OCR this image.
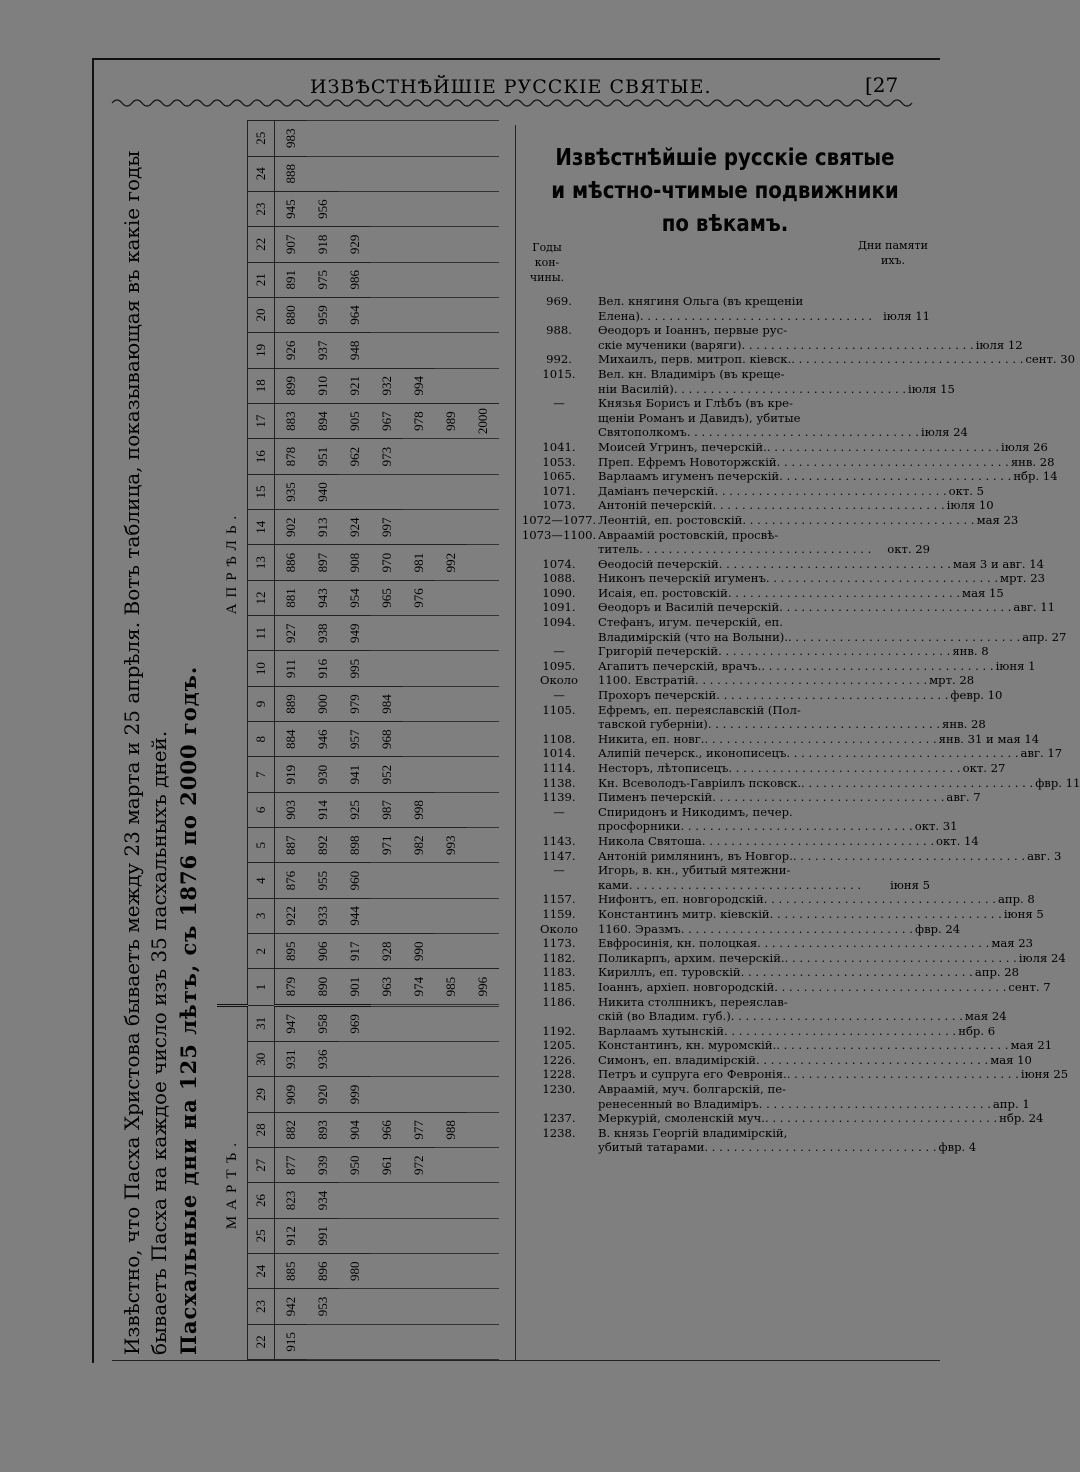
ИЗВѢСТНѢЙШІЕ РУССКІЕ СВЯТЫЕ.	[27
Извѣстно, что Пасха Христова бываетъ между 23 марта и 25 апрѣля. Вотъ таблица, показывающая въ какіе годы бываетъ Пасха на каждое число изъ 35 пасхальныхъ дней. Пасхальные дни на 125 лѣтъ, съ 1876 по 2000 годъ. МАРТЪ.										АПРѢЛЬ.																								
22	23	24	25	26	27	28	29	30	31	1	2	3	4	5	6	7	8	9	10	11	12	13	14	15	16	17	18	19	20	21	22	23	24	25
915	942	885	912	823	877	882	909	931	947	879	895	922	876	887	903	919	884	889	911	927	881	886	902	935	878	883	899	926	880	891	907	945	888	983
	953	896	991	934	939	893	920	936	958	890	906	933	955	892	914	930	946	900	916	938	943	897	913	940	951	894	910	937	959	975	918	956		
		980			950	904	999		969	901	917	944	960	898	925	941	957	979	995	949	954	908	924		962	905	921	948	964	986	929			
					961	966				963	928			971	987	952	968	984			965	970	997		973	967	932							
					972	977				974	990			982	998						976	981				978	994							
						988				985				993								992				989								
										996																2000								
Извѣстнѣйшіе русскіе святые и мѣстно-чтимые подвижники по вѣкамъ.
Годы кон-чины.
Дни памяти ихъ.
969.	Вел. княгиня Ольга (въ крещеніи
Елена) . . . . . . . . . . . . . . . . . . . . . . . . . . . . . . . . іюля 11
988.	Өеодоръ и Іоаннъ, первые рус-
скіе мученики (варяги) . . . . . . . . . . . . . . . . . . . . . . . . . . . . . . . . іюля 12
992.	Михаилъ, перв. митроп. кіевск. . . . . . . . . . . . . . . . . . . . . . . . . . . . . . . . . сент. 30
1015.	Вел. кн. Владиміръ (въ креще-
ніи Василій) . . . . . . . . . . . . . . . . . . . . . . . . . . . . . . . . іюля 15
—	Князья Борисъ и Глѣбъ (въ кре-
щеніи Романъ и Давидъ), убитые
Святополкомъ . . . . . . . . . . . . . . . . . . . . . . . . . . . . . . . . іюля 24
1041.	Моисей Угринъ, печерскій. . . . . . . . . . . . . . . . . . . . . . . . . . . . . . . . . іюля 26
1053.	Преп. Ефремъ Новоторжскій . . . . . . . . . . . . . . . . . . . . . . . . . . . . . . . . янв. 28
1065.	Варлаамъ игуменъ печерскій . . . . . . . . . . . . . . . . . . . . . . . . . . . . . . . . нбр. 14
1071.	Даміанъ печерскій . . . . . . . . . . . . . . . . . . . . . . . . . . . . . . . . окт. 5
1073.	Антоній печерскій . . . . . . . . . . . . . . . . . . . . . . . . . . . . . . . . іюля 10
1072—1077. Леонтій, еп. ростовскій . . . . . . . . . . . . . . . . . . . . . . . . . . . . . . . . мая 23
1073—1100. Авраамій ростовскій, просвѣ-
титель . . . . . . . . . . . . . . . . . . . . . . . . . . . . . . . .	окт. 29
1074.	Өеодосій печерскій . . . . . . . . . . . . . . . . . . . . . . . . . . . . . . . . мая 3 и авг. 14
1088.	Никонъ печерскій игуменъ . . . . . . . . . . . . . . . . . . . . . . . . . . . . . . . . мрт. 23
1090.	Исаія, еп. ростовскій . . . . . . . . . . . . . . . . . . . . . . . . . . . . . . . . мая 15
1091.	Өеодоръ и Василій печерскій . . . . . . . . . . . . . . . . . . . . . . . . . . . . . . . . авг. 11
1094.	Стефанъ, игум. печерскій, еп.
Владимірскій (что на Волыни). . . . . . . . . . . . . . . . . . . . . . . . . . . . . . . . . апр. 27
—	Григорій печерскій . . . . . . . . . . . . . . . . . . . . . . . . . . . . . . . . янв. 8
1095.	Агапитъ печерскій, врачъ. . . . . . . . . . . . . . . . . . . . . . . . . . . . . . . . . іюня 1
Около	1100. Евстратій . . . . . . . . . . . . . . . . . . . . . . . . . . . . . . . . мрт. 28
—	Прохоръ печерскій . . . . . . . . . . . . . . . . . . . . . . . . . . . . . . . . февр. 10
1105.	Ефремъ, еп. переяславскій (Пол-
тавской губерніи) . . . . . . . . . . . . . . . . . . . . . . . . . . . . . . . . янв. 28
1108.	Никита, еп. новг. . . . . . . . . . . . . . . . . . . . . . . . . . . . . . . . . янв. 31 и мая 14
1014.	Алипій печерск., иконописецъ . . . . . . . . . . . . . . . . . . . . . . . . . . . . . . . . авг. 17
1114.	Несторъ, лѣтописецъ . . . . . . . . . . . . . . . . . . . . . . . . . . . . . . . . окт. 27
1138.	Кн. Всеволодъ-Гавріилъ псковск. . . . . . . . . . . . . . . . . . . . . . . . . . . . . . . . . фвр. 11
1139.	Пименъ печерскій . . . . . . . . . . . . . . . . . . . . . . . . . . . . . . . . авг. 7
—	Спиридонъ и Никодимъ, печер.
просфорники . . . . . . . . . . . . . . . . . . . . . . . . . . . . . . . . окт. 31
1143.	Никола Святоша . . . . . . . . . . . . . . . . . . . . . . . . . . . . . . . . окт. 14
1147.	Антоній римлянинъ, въ Новгор. . . . . . . . . . . . . . . . . . . . . . . . . . . . . . . . . авг. 3
—	Игорь, в. кн., убитый мятежни-
ками . . . . . . . . . . . . . . . . . . . . . . . . . . . . . . . .	іюня 5
1157.	Нифонтъ, еп. новгородскій . . . . . . . . . . . . . . . . . . . . . . . . . . . . . . . . апр. 8
1159.	Константинъ митр. кіевскій . . . . . . . . . . . . . . . . . . . . . . . . . . . . . . . . іюня 5
Около	1160. Эразмъ . . . . . . . . . . . . . . . . . . . . . . . . . . . . . . . . фвр. 24
1173.	Евфросинія, кн. полоцкая . . . . . . . . . . . . . . . . . . . . . . . . . . . . . . . . мая 23
1182.	Поликарпъ, архим. печерскій. . . . . . . . . . . . . . . . . . . . . . . . . . . . . . . . . іюля 24
1183.	Кириллъ, еп. туровскій . . . . . . . . . . . . . . . . . . . . . . . . . . . . . . . . апр. 28
1185.	Іоаннъ, архіеп. новгородскій . . . . . . . . . . . . . . . . . . . . . . . . . . . . . . . . сент. 7
1186.	Никита столпникъ, переяслав-
скій (во Владим. губ.) . . . . . . . . . . . . . . . . . . . . . . . . . . . . . . . . мая 24
1192.	Варлаамъ хутынскій . . . . . . . . . . . . . . . . . . . . . . . . . . . . . . . . нбр. 6
1205.	Константинъ, кн. муромскій. . . . . . . . . . . . . . . . . . . . . . . . . . . . . . . . . мая 21
1226.	Симонъ, еп. владимірскій . . . . . . . . . . . . . . . . . . . . . . . . . . . . . . . . мая 10
1228.	Петръ и супруга его Февронія. . . . . . . . . . . . . . . . . . . . . . . . . . . . . . . . . іюня 25
1230.	Авраамій, муч. болгарскій, пе-
ренесенный во Владиміръ . . . . . . . . . . . . . . . . . . . . . . . . . . . . . . . . апр. 1
1237.	Меркурій, смоленскій муч. . . . . . . . . . . . . . . . . . . . . . . . . . . . . . . . . нбр. 24
1238.	В. князь Георгій владимірскій,
убитый татарами . . . . . . . . . . . . . . . . . . . . . . . . . . . . . . . . фвр. 4
